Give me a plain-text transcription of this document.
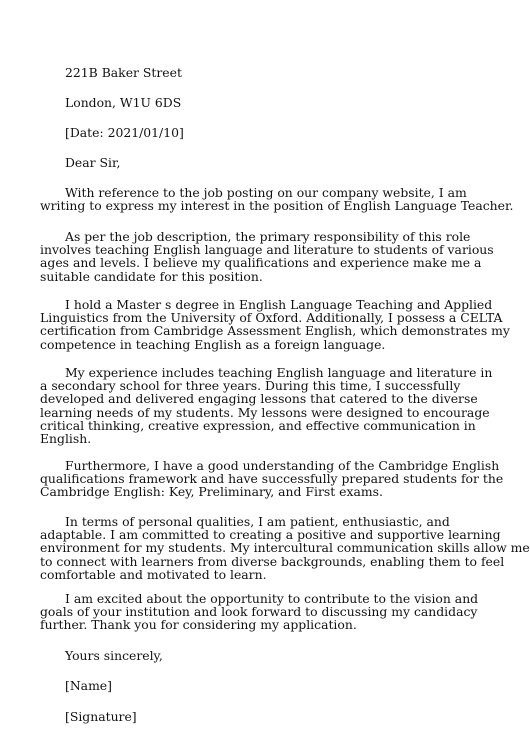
221B Baker Street
London, W1U 6DS
[Date: 2021/01/10]
Dear Sir,
With reference to the job posting on our company website, I am
writing to express my interest in the position of English Language Teacher.
As per the job description, the primary responsibility of this role
involves teaching English language and literature to students of various
ages and levels. I believe my qualifications and experience make me a
suitable candidate for this position.
I hold a Master s degree in English Language Teaching and Applied
Linguistics from the University of Oxford. Additionally, I possess a CELTA
certification from Cambridge Assessment English, which demonstrates my
competence in teaching English as a foreign language.
My experience includes teaching English language and literature in
a secondary school for three years. During this time, I successfully
developed and delivered engaging lessons that catered to the diverse
learning needs of my students. My lessons were designed to encourage
critical thinking, creative expression, and effective communication in
English.
Furthermore, I have a good understanding of the Cambridge English
qualifications framework and have successfully prepared students for the
Cambridge English: Key, Preliminary, and First exams.
In terms of personal qualities, I am patient, enthusiastic, and
adaptable. I am committed to creating a positive and supportive learning
environment for my students. My intercultural communication skills allow me
to connect with learners from diverse backgrounds, enabling them to feel
comfortable and motivated to learn.
I am excited about the opportunity to contribute to the vision and
goals of your institution and look forward to discussing my candidacy
further. Thank you for considering my application.
Yours sincerely,
[Name]
[Signature]
